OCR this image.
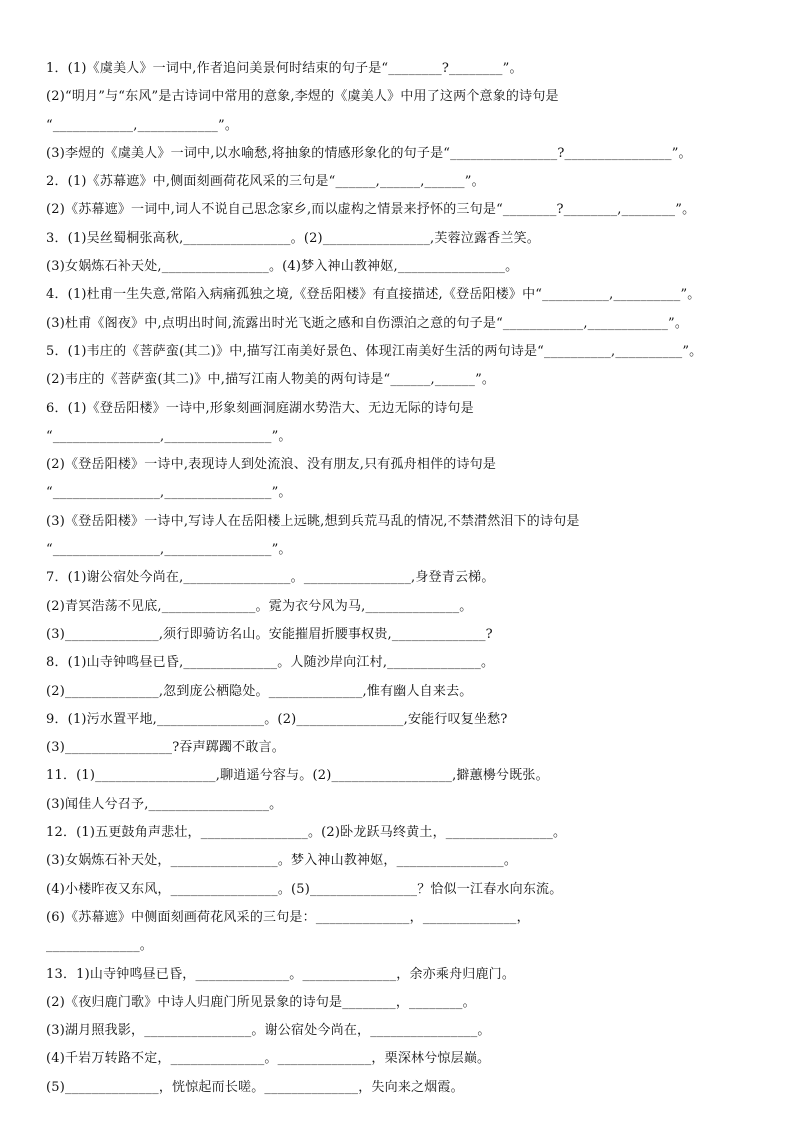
1．(1)《虞美人》一词中,作者追问美景何时结束的句子是“________?________”。
(2)“明月”与“东风”是古诗词中常用的意象,李煜的《虞美人》中用了这两个意象的诗句是
“____________,____________”。
(3)李煜的《虞美人》一词中,以水喻愁,将抽象的情感形象化的句子是“________________?________________”。
2．(1)《苏幕遮》中,侧面刻画荷花风采的三句是“______,______,______”。
(2)《苏幕遮》一词中,词人不说自己思念家乡,而以虚构之情景来抒怀的三句是“________?________,________”。
3．(1)吴丝蜀桐张高秋,________________。(2)________________,芙蓉泣露香兰笑。
(3)女娲炼石补天处,________________。(4)梦入神山教神妪,________________。
4．(1)杜甫一生失意,常陷入病痛孤独之境,《登岳阳楼》有直接描述,《登岳阳楼》中“__________,__________”。
(3)杜甫《阁夜》中,点明出时间,流露出时光飞逝之感和自伤漂泊之意的句子是“____________,____________”。
5．(1)韦庄的《菩萨蛮(其二)》中,描写江南美好景色、体现江南美好生活的两句诗是“__________,__________”。
(2)韦庄的《菩萨蛮(其二)》中,描写江南人物美的两句诗是“______,______”。
6．(1)《登岳阳楼》一诗中,形象刻画洞庭湖水势浩大、无边无际的诗句是
“________________,________________”。
(2)《登岳阳楼》一诗中,表现诗人到处流浪、没有朋友,只有孤舟相伴的诗句是
“________________,________________”。
(3)《登岳阳楼》一诗中,写诗人在岳阳楼上远眺,想到兵荒马乱的情况,不禁潸然泪下的诗句是
“________________,________________”。
7．(1)谢公宿处今尚在,________________。________________,身登青云梯。
(2)青冥浩荡不见底,______________。霓为衣兮风为马,______________。
(3)______________,须行即骑访名山。安能摧眉折腰事权贵,______________?
8．(1)山寺钟鸣昼已昏,______________。人随沙岸向江村,______________。
(2)______________,忽到庞公栖隐处。______________,惟有幽人自来去。
9．(1)污水置平地,________________。(2)________________,安能行叹复坐愁?
(3)________________?吞声踯躅不敢言。
11．(1)__________________,聊逍遥兮容与。(2)__________________,擗蕙櫋兮既张。
(3)闻佳人兮召予,__________________。
12．(1)五更鼓角声悲壮，________________。(2)卧龙跃马终黄土，________________。
(3)女娲炼石补天处，________________。梦入神山教神妪，________________。
(4)小楼昨夜又东风，________________。(5)________________？恰似一江春水向东流。
(6)《苏幕遮》中侧面刻画荷花风采的三句是：______________，______________，
______________。
13．1)山寺钟鸣昼已昏，______________。______________，余亦乘舟归鹿门。
(2)《夜归鹿门歌》中诗人归鹿门所见景象的诗句是________，________。
(3)湖月照我影，________________。谢公宿处今尚在，________________。
(4)千岩万转路不定，______________。______________，栗深林兮惊层巅。
(5)______________，恍惊起而长嗟。______________，失向来之烟霞。
